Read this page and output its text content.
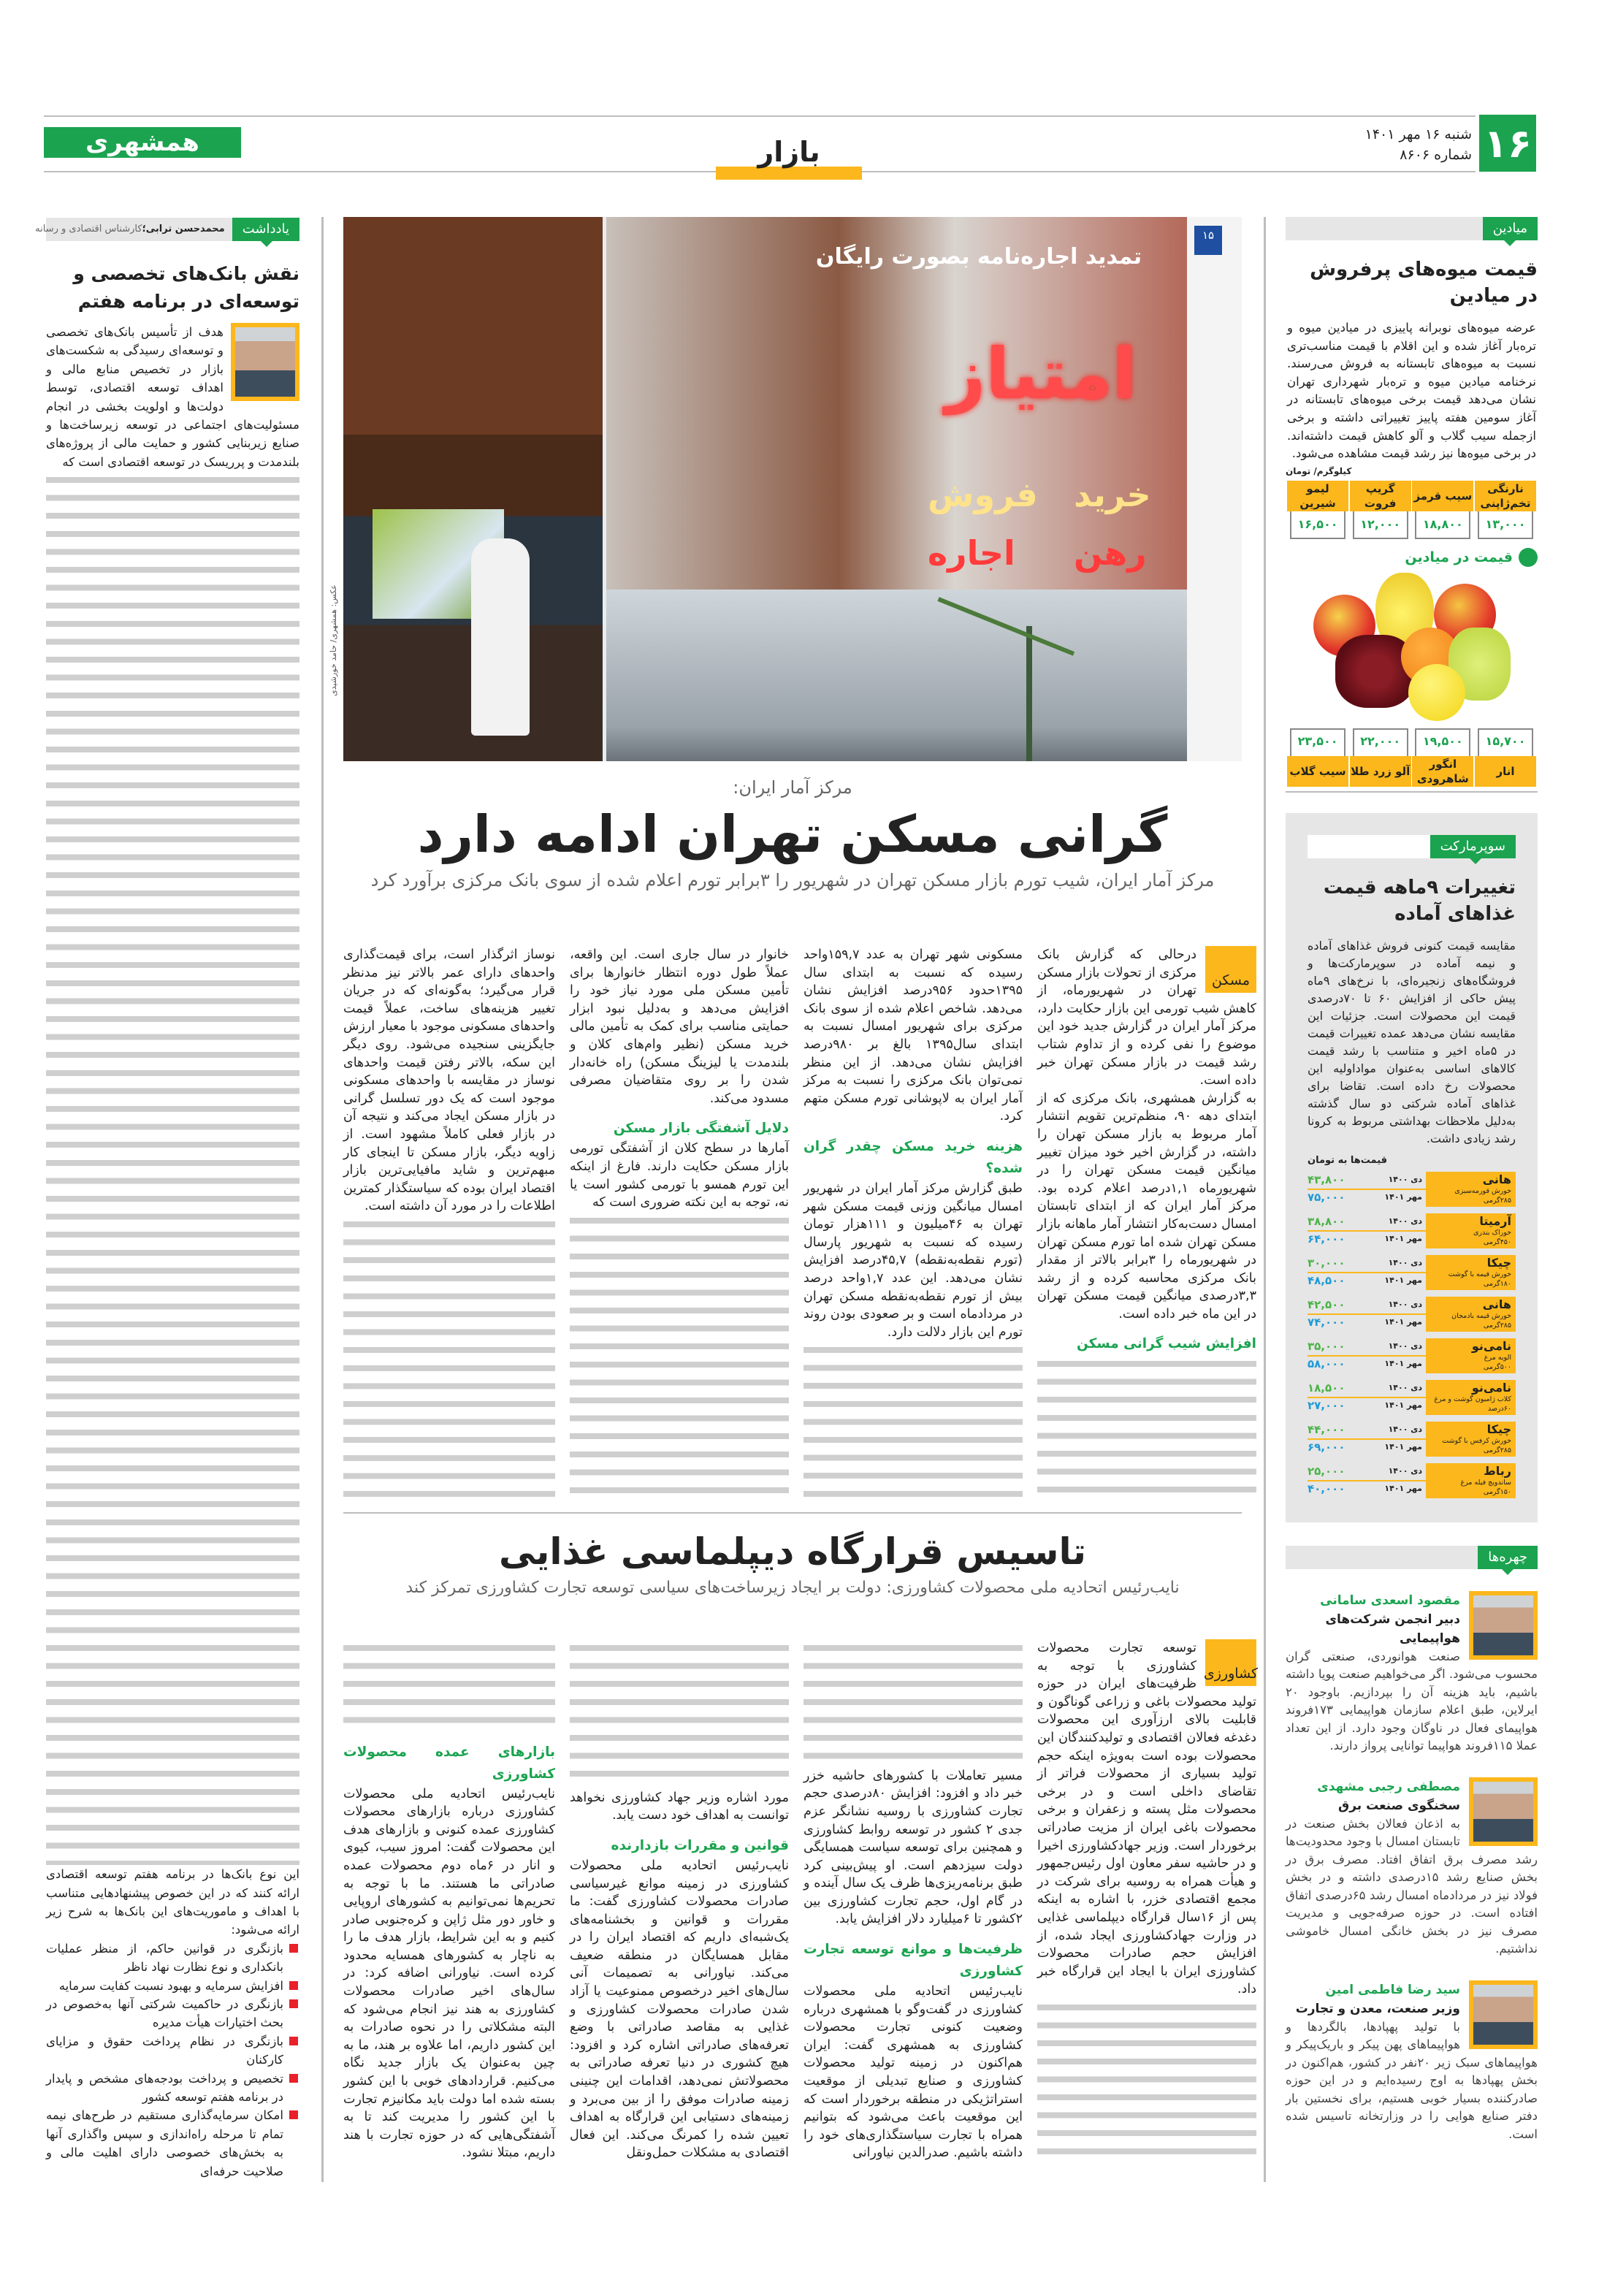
۱۶
شنبه ۱۶ مهر ۱۴۰۱
شماره ۸۶۰۶
همشهری	بازار
میادین
قیمت میوه‌های پرفروش در میادین
عرضه میوه‌های نوبرانه پاییزی در میادین میوه و تره‌بار آغاز شده و این اقلام با قیمت مناسب‌تری نسبت به میوه‌های تابستانه به فروش می‌رسند. نرخنامه میادین میوه و تره‌بار شهرداری تهران نشان می‌دهد قیمت برخی میوه‌های تابستانه در آغاز سومین هفته پاییز تغییراتی داشته و برخی ازجمله سیب گلاب و آلو کاهش قیمت داشته‌اند. در برخی میوه‌ها نیز رشد قیمت مشاهده می‌شود.
کیلوگرم/ تومان
نارنگی تخم‌ژاپنی
۱۳,۰۰۰
سیب قرمز
۱۸,۸۰۰
گریپ فروت
۱۲,۰۰۰
لیمو شیرین
۱۶,۵۰۰
قیمت در میادین
انار
۱۵,۷۰۰
انگور شاهرودی
۱۹,۵۰۰
آلو زرد طلا
۲۲,۰۰۰
سیب گلاب
۲۳,۵۰۰
سوپرمارکت
تغییرات ۹ماهه قیمت غذاهای آماده
مقایسه قیمت کنونی فروش غذاهای آماده و نیمه آماده در سوپرمارکت‌ها و فروشگاه‌های زنجیره‌ای، با نرخ‌های ۹ماه پیش حاکی از افزایش ۶۰ تا ۷۰درصدی قیمت این محصولات است. جزئیات این مقایسه نشان می‌دهد عمده تغییرات قیمت در ۵ماه اخیر و متناسب با رشد قیمت کالاهای اساسی به‌عنوان مواداولیه این محصولات رخ داده است. تقاضا برای غذاهای آماده شرکتی دو سال گذشته به‌دلیل ملاحظات بهداشتی مربوط به کرونا رشد زیادی داشت.
قیمت‌ها به تومان
هانی
خورش قورمه‌سبزی
۲۸۵گرمی
دی ۱۴۰۰
مهر ۱۴۰۱
۴۳,۸۰۰
۷۵,۰۰۰
آرمیتا
خوراک بندری
۴۵۰گرمی
دی ۱۴۰۰
مهر ۱۴۰۱
۳۸,۸۰۰
۶۴,۰۰۰
چیکا
خورش قیمه با گوشت
۱۸۰گرمی
دی ۱۴۰۰
مهر ۱۴۰۱
۳۰,۰۰۰
۴۸,۵۰۰
هانی
خورش قیمه بادمجان
۲۸۵گرمی
دی ۱۴۰۰
مهر ۱۴۰۱
۴۲,۵۰۰
۷۴,۰۰۰
نامی‌نو
الویه مرغ
۵۰۰گرمی
دی ۱۴۰۰
مهر ۱۴۰۱
۳۵,۰۰۰
۵۸,۰۰۰
نامی‌نو
کلاب ژامبون گوشت و مرغ
۶۰درصد
دی ۱۴۰۰
مهر ۱۴۰۱
۱۸,۵۰۰
۲۷,۰۰۰
چیکا
خورش کرفس با گوشت
۲۸۵گرمی
دی ۱۴۰۰
مهر ۱۴۰۱
۴۴,۰۰۰
۶۹,۰۰۰
رباط
ساندویچ فیله مرغ
۱۵۰گرمی
دی ۱۴۰۰
مهر ۱۴۰۱
۲۵,۰۰۰
۴۰,۰۰۰
چهره‌ها
مقصود اسعدی سامانی
دبیر انجمن شرکت‌های هواپیمایی
صنعت هوانوردی، صنعتی گران محسوب می‌شود. اگر می‌خواهیم صنعت پویا داشته باشیم، باید هزینه آن را بپردازیم. باوجود ۲۰ ایرلاین، طبق اعلام سازمان هواپیمایی ۱۷۳فروند هواپیمای فعال در ناوگان وجود دارد. از این تعداد عملا ۱۱۵فروند هواپیما توانایی پرواز دارند.
مصطفی رجبی مشهدی
سخنگوی صنعت برق
به اذعان فعالان بخش صنعت در تابستان امسال با وجود محدودیت‌ها رشد مصرف برق اتفاق افتاد. مصرف برق در بخش صنایع رشد ۱۵درصدی داشته و در بخش فولاد نیز در مردادماه امسال رشد ۶۵درصدی اتفاق افتاده است. در حوزه صرفه‌جویی و مدیریت مصرف نیز در بخش خانگی امسال خاموشی نداشتیم.
سید رضا فاطمی امین
وزیر صنعت، معدن و تجارت
با تولید پهپادها، بالگردها و هواپیماهای پهن پیکر و باریک‌پیکر و هواپیماهای سبک زیر ۲۰نفر در کشور، هم‌اکنون در بخش پهپادها به اوج رسیده‌ایم و در این حوزه صادرکننده بسیار خوبی هستیم، برای نخستین بار دفتر صنایع هوایی را در وزارتخانه تاسیس شده است.
یادداشت
محمدحسن ترابی؛کارشناس اقتصادی و رسانه
نقش بانک‌های تخصصی و توسعه‌ای در برنامه هفتم
هدف از تأسیس بانک‌های تخصصی و توسعه‌ای رسیدگی به شکست‌های بازار در تخصیص منابع مالی و اهداف توسعه اقتصادی، توسط دولت‌ها و اولویت بخشی در انجام مسئولیت‌های اجتماعی در توسعه زیرساخت‌ها و صنایع زیربنایی کشور و حمایت مالی از پروژه‌های بلندمدت و پرریسک در توسعه اقتصادی است که
این نوع بانک‌ها در برنامه هفتم توسعه اقتصادی ارائه کنند که در این خصوص پیشنهادهایی متناسب با اهداف و ماموریت‌های این بانک‌ها به شرح زیر ارائه می‌شود:
بازنگری در قوانین حاکم، از منظر عملیات بانکداری و نوع نظارت نهاد ناظر
افزایش سرمایه و بهبود نسبت کفایت سرمایه
بازنگری در حاکمیت شرکتی آنها به‌خصوص در بحث اختیارات هیأت مدیره
بازنگری در نظام پرداخت حقوق و مزایای کارکنان
تخصیص و پرداخت بودجه‌های مشخص و پایدار در برنامه هفتم توسعه کشور
امکان سرمایه‌گذاری مستقیم در طرح‌های نیمه تمام تا مرحله راه‌اندازی و سپس واگذاری آنها به بخش‌های خصوصی دارای اهلیت مالی و صلاحیت حرفه‌ای
۱۵
تمدید اجاره‌نامه بصورت رایگان
امتیاز
خرید
فروش
رهن
اجاره
عکس: همشهری/ حامد خورشیدی
مرکز آمار ایران:
گرانی مسکن تهران ادامه دارد
مرکز آمار ایران، شیب تورم بازار مسکن تهران در شهریور را ۳برابر تورم اعلام شده از سوی بانک مرکزی برآورد کرد
مسکن
درحالی که گزارش بانک مرکزی از تحولات بازار مسکن تهران در شهریورماه، از کاهش شیب تورمی این بازار حکایت دارد، مرکز آمار ایران در گزارش جدید خود این موضوع را نفی کرده و از تداوم شتاب رشد قیمت در بازار مسکن تهران خبر داده است.
به گزارش همشهری، بانک مرکزی که از ابتدای دهه ۹۰، منظم‌ترین تقویم انتشار آمار مربوط به بازار مسکن تهران را داشته، در گزارش اخیر خود میزان تغییر میانگین قیمت مسکن تهران را در شهریورماه ۱,۱درصد اعلام کرده بود. مرکز آمار ایران که از ابتدای تابستان امسال دست‌به‌کار انتشار آمار ماهانه بازار مسکن تهران شده اما تورم مسکن تهران در شهریورماه را ۳برابر بالاتر از مقدار بانک مرکزی محاسبه کرده و از رشد ۳,۳درصدی میانگین قیمت مسکن تهران در این ماه خبر داده است.
افزایش شیب گرانی مسکن
مسکونی شهر تهران به عدد ۱۵۹,۷واحد رسیده که نسبت به ابتدای سال ۱۳۹۵حدود ۹۵۶درصد افزایش نشان می‌دهد. شاخص اعلام شده از سوی بانک مرکزی برای شهریور امسال نسبت به ابتدای سال۱۳۹۵ بالغ بر ۹۸۰درصد افزایش نشان می‌دهد. از این منظر نمی‌توان بانک مرکزی را نسبت به مرکز آمار ایران به لاپوشانی تورم مسکن متهم کرد.
هزینه خرید مسکن چقدر گران شده؟
طبق گزارش مرکز آمار ایران در شهریور امسال میانگین وزنی قیمت مسکن شهر تهران به ۴۶میلیون و ۱۱۱هزار تومان رسیده که نسبت به شهریور پارسال (تورم نقطه‌به‌نقطه) ۴۵,۷درصد افزایش نشان می‌دهد. این عدد ۱,۷واحد درصد بیش از تورم نقطه‌به‌نقطه مسکن تهران در مردادماه است و بر صعودی بودن روند تورم این بازار دلالت دارد.
خانوار در سال جاری است. این واقعه، عملاً طول دوره انتظار خانوارها برای تأمین مسکن ملی مورد نیاز خود را افزایش می‌دهد و به‌دلیل نبود ابزار حمایتی مناسب برای کمک به تأمین مالی خرید مسکن (نظیر وام‌های کلان و بلندمدت یا لیزینگ مسکن) راه خانه‌دار شدن را بر روی متقاضیان مصرفی مسدود می‌کند.
دلایل آشفتگی بازار مسکن
آمارها در سطح کلان از آشفتگی تورمی بازار مسکن حکایت دارند. فارغ از اینکه این تورم همسو با تورمی کشور است یا نه، توجه به این نکته ضروری است که
نوساز اثرگذار است، برای قیمت‌گذاری واحدهای دارای عمر بالاتر نیز مدنظر قرار می‌گیرد؛ به‌گونه‌ای که در جریان تغییر هزینه‌های ساخت، عملاً قیمت واحدهای مسکونی موجود با معیار ارزش جایگزینی سنجیده می‌شود. روی دیگر این سکه، بالاتر رفتن قیمت واحدهای نوساز در مقایسه با واحدهای مسکونی موجود است که یک دور تسلسل گرانی در بازار مسکن ایجاد می‌کند و نتیجه آن در بازار فعلی کاملاً مشهود است. از زاویه دیگر، بازار مسکن تا اینجای کار مبهم‌ترین و شاید مافیایی‌ترین بازار اقتصاد ایران بوده که سیاستگذار کمترین اطلاعات را در مورد آن داشته است.
تاسیس قرارگاه دیپلماسی غذایی
نایب‌رئیس اتحادیه ملی محصولات کشاورزی: دولت بر ایجاد زیرساخت‌های سیاسی توسعه تجارت کشاورزی تمرکز کند
کشاورزی
توسعه تجارت محصولات کشاورزی با توجه به ظرفیت‌های ایران در حوزه تولید محصولات باغی و زراعی گوناگون و قابلیت بالای ارزآوری این محصولات دغدغه فعالان اقتصادی و تولیدکنندگان این محصولات بوده است به‌ویژه اینکه حجم تولید بسیاری از محصولات فراتر از تقاضای داخلی است و در برخی محصولات مثل پسته و زعفران و برخی محصولات باغی ایران از مزیت صادراتی برخوردار است. وزیر جهادکشاورزی اخیرا و در حاشیه سفر معاون اول رئیس‌جمهور و هیأت همراه به روسیه برای شرکت در مجمع اقتصادی خزر، با اشاره به اینکه پس از ۱۶سال قرارگاه دیپلماسی غذایی در وزارت جهادکشاورزی ایجاد شده، از افزایش حجم صادرات محصولات کشاورزی ایران با ایجاد این قرارگاه خبر داد.
مسیر تعاملات با کشورهای حاشیه خزر خبر داد و افزود: افزایش ۸۰درصدی حجم تجارت کشاورزی با روسیه نشانگر عزم جدی ۲ کشور در توسعه روابط کشاورزی و همچنین برای توسعه سیاست همسایگی دولت سیزدهم است. او پیش‌بینی کرد طبق برنامه‌ریزی‌ها ظرف یک سال آینده و در گام اول، حجم تجارت کشاورزی بین ۲کشور تا ۶میلیارد دلار افزایش یابد.
ظرفیت‌ها و موانع توسعه تجارت کشاورزی
نایب‌رئیس اتحادیه ملی محصولات کشاورزی در گفت‌وگو با همشهری درباره وضعیت کنونی تجارت محصولات کشاورزی به همشهری گفت: ایران هم‌اکنون در زمینه تولید محصولات کشاورزی و صنایع تبدیلی از موقعیت استراتژیکی در منطقه برخوردار است که این موقعیت باعث می‌شود که بتوانیم همراه با تجارت سیاستگذاری‌های خود را داشته باشیم. صدرالدین نیاورانی
مورد اشاره وزیر جهاد کشاورزی نخواهد توانست به اهداف خود دست یابد.
قوانین و مقررات بازدارنده
نایب‌رئیس اتحادیه ملی محصولات کشاورزی در زمینه موانع غیرسیاسی صادرات محصولات کشاورزی گفت: ما مقررات و قوانین و بخشنامه‌های یک‌شبه‌ای داریم که اقتصاد ایران را در مقابل همسایگان در منطقه ضعیف می‌کند. نیاورانی به تصمیمات آنی سال‌های اخیر درخصوص ممنوعیت یا آزاد شدن صادرات محصولات کشاورزی و غذایی به مقاصد صادراتی با وضع تعرفه‌های صادراتی اشاره کرد و افزود: هیچ کشوری در دنیا تعرفه صادراتی به محصولاتش نمی‌دهد، اقدامات این چنینی زمینه صادرات موفق را از بین می‌برد و زمینه‌های دستیابی این قرارگاه به اهداف تعیین شده را کمرنگ می‌کند. این فعال اقتصادی به مشکلات حمل‌ونقل
بازارهای عمده محصولات کشاورزی
نایب‌رئیس اتحادیه ملی محصولات کشاورزی درباره بازارهای محصولات کشاورزی عمده کنونی و بازارهای هدف این محصولات گفت: امروز سیب، کیوی و انار در ۶ماه دوم محصولات عمده صادراتی ما هستند. ما با توجه به تحریم‌ها نمی‌توانیم به کشورهای اروپایی و خاور دور مثل ژاپن و کره‌جنوبی صادر کنیم و به این شرایط، بازار هدف ما را به ناچار به کشورهای همسایه محدود کرده است. نیاورانی اضافه کرد: در سال‌های اخیر صادرات محصولات کشاورزی به هند نیز انجام می‌شود که البته مشکلاتی را در نحوه صادرات به این کشور داریم، اما علاوه بر هند، ما به چین به‌عنوان یک بازار جدید نگاه می‌کنیم. قراردادهای خوبی با این کشور بسته شده اما دولت باید مکانیزم تجارت با این کشور را مدیریت کند تا به آشفتگی‌هایی که در حوزه تجارت با هند داریم، مبتلا نشود.
